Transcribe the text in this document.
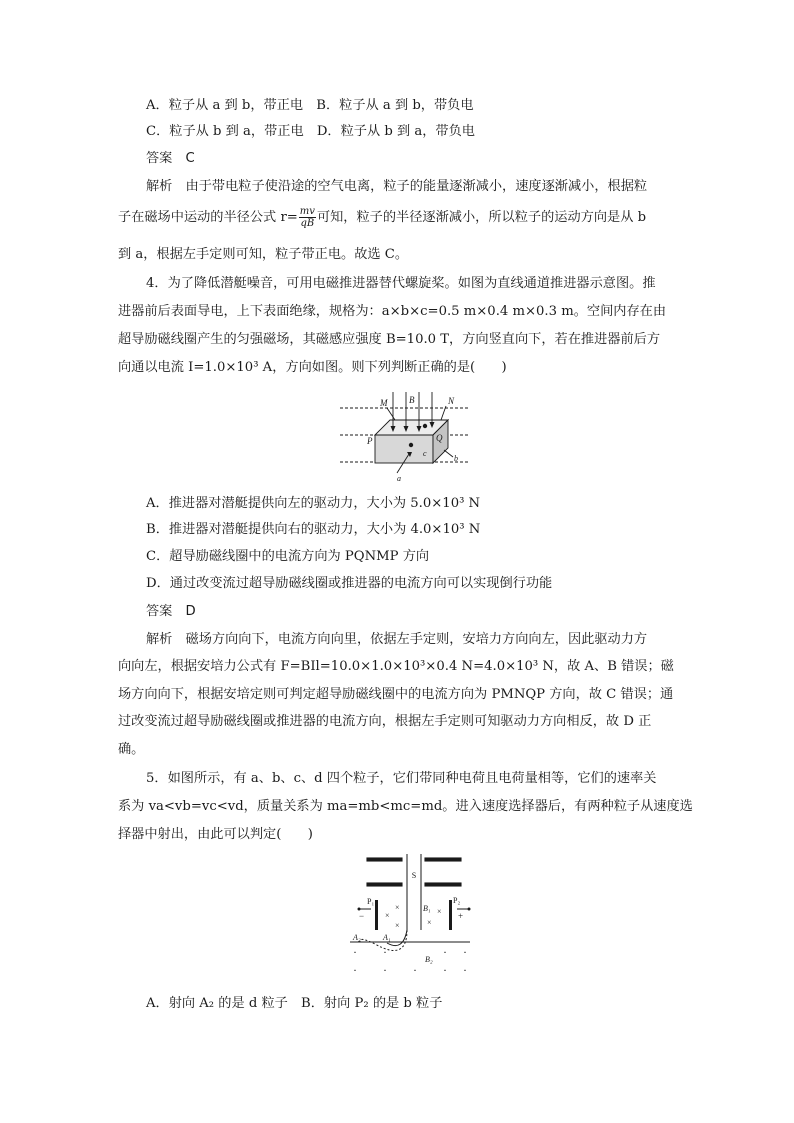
A．粒子从 a 到 b，带正电　B．粒子从 a 到 b，带负电
C．粒子从 b 到 a，带正电　D．粒子从 b 到 a，带负电
答案　C
解析　由于带电粒子使沿途的空气电离，粒子的能量逐渐减小，速度逐渐减小，根据粒
子在磁场中运动的半径公式 $r= \frac{mv}{qB}$ 可知，粒子的半径逐渐减小，所以粒子的运动方向是从 b
到 a，根据左手定则可知，粒子带正电。故选 C。
4．为了降低潜艇噪音，可用电磁推进器替代螺旋桨。如图为直线通道推进器示意图。推
进器前后表面导电，上下表面绝缘，规格为：a×b×c=0.5 m×0.4 m×0.3 m。空间内存在由
超导励磁线圈产生的匀强磁场，其磁感应强度 B=10.0 T，方向竖直向下，若在推进器前后方
向通以电流 I=1.0×10³ A，方向如图。则下列判断正确的是(　　)
M	N
B
P	Q
c
b
a
A．推进器对潜艇提供向左的驱动力，大小为 5.0×10³ N
B．推进器对潜艇提供向右的驱动力，大小为 4.0×10³ N
C．超导励磁线圈中的电流方向为 PQNMP 方向
D．通过改变流过超导励磁线圈或推进器的电流方向可以实现倒行功能
答案　D
解析　磁场方向向下，电流方向向里，依据左手定则，安培力方向向左，因此驱动力方
向向左，根据安培力公式有 F=BIl=10.0×1.0×10³×0.4 N=4.0×10³ N，故 A、B 错误；磁
场方向向下，根据安培定则可判定超导励磁线圈中的电流方向为 PMNQP 方向，故 C 错误；通
过改变流过超导励磁线圈或推进器的电流方向，根据左手定则可知驱动力方向相反，故 D 正
确。
5．如图所示，有 a、b、c、d 四个粒子，它们带同种电荷且电荷量相等，它们的速率关
系为 va<vb=vc<vd，质量关系为 ma=mb<mc=md。进入速度选择器后，有两种粒子从速度选
择器中射出，由此可以判定(　　)
S
P₁	P₂
B₁
B₂
A₁
A₂
−	+
×
×
×
×
×
· ·	· ·
· · · · ·
A．射向 A₂ 的是 d 粒子　B．射向 P₂ 的是 b 粒子
